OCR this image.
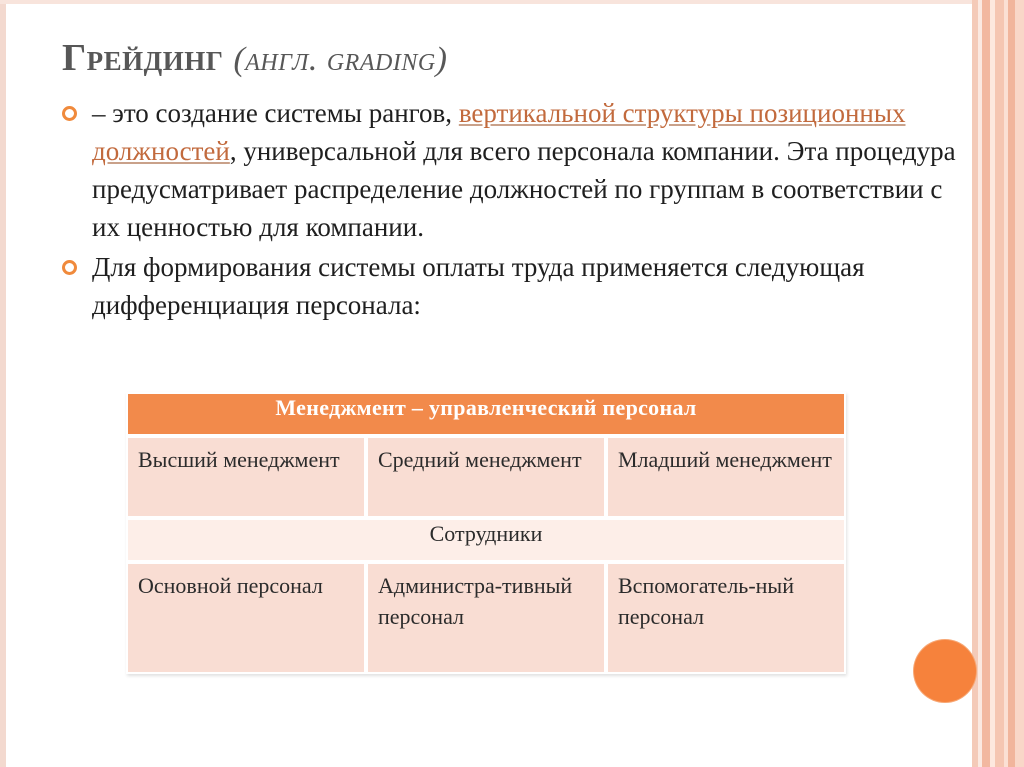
Грейдинг (англ. grading)
– это создание системы рангов, вертикальной структуры позиционных должностей, универсальной для всего персонала компании. Эта процедура предусматривает распределение должностей по группам в соответствии с их ценностью для компании.
Для формирования системы оплаты труда применяется следующая дифференциация персонала:
Менеджмент – управленческий персонал		
Высший менеджмент	Средний менеджмент	Младший менеджмент
Сотрудники		
Основной персонал	Администра-тивный персонал	Вспомогатель-ный персонал
